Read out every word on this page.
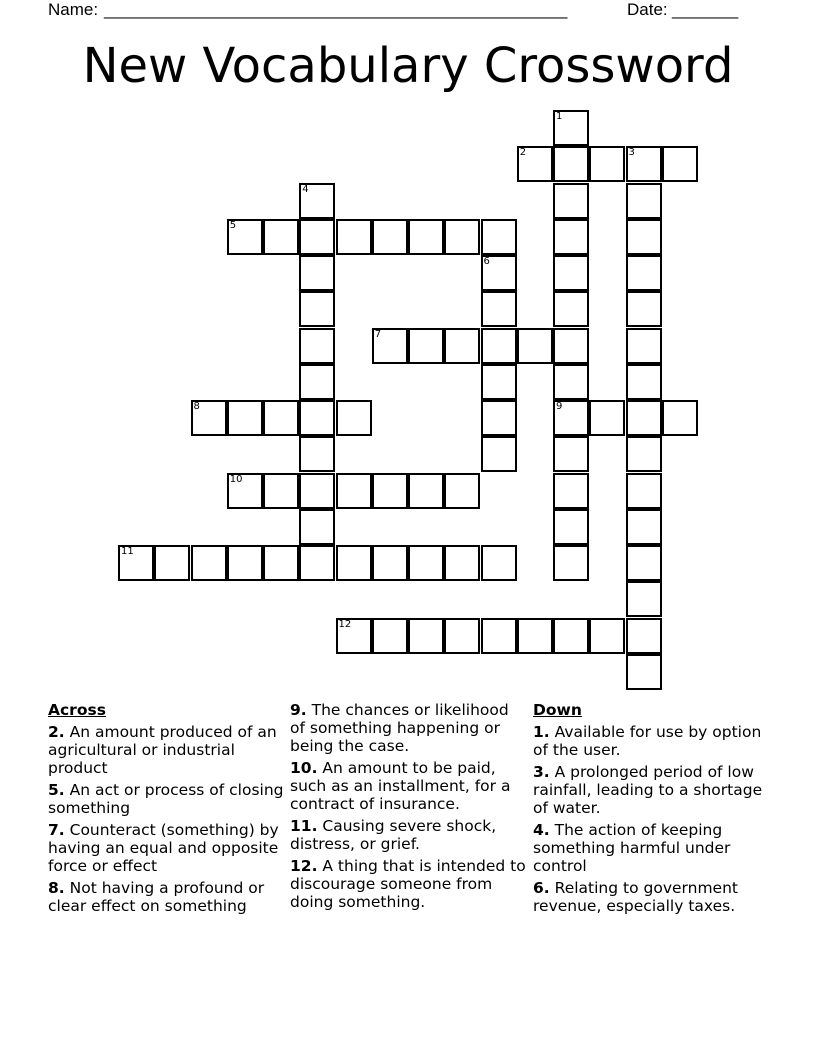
Name: _________________________________________________	Date: _______
New Vocabulary Crossword
1
9
2	3
4
5
6
7
8
10
11
12
Across
2. An amount produced of an agricultural or industrial product
5. An act or process of closing something
7. Counteract (something) by having an equal and opposite force or effect
8. Not having a profound or clear effect on something
9. The chances or likelihood of something happening or being the case.
10. An amount to be paid, such as an installment, for a contract of insurance.
11. Causing severe shock, distress, or grief.
12. A thing that is intended to discourage someone from doing something.
Down
1. Available for use by option of the user.
3. A prolonged period of low rainfall, leading to a shortage of water.
4. The action of keeping something harmful under control
6. Relating to government revenue, especially taxes.
